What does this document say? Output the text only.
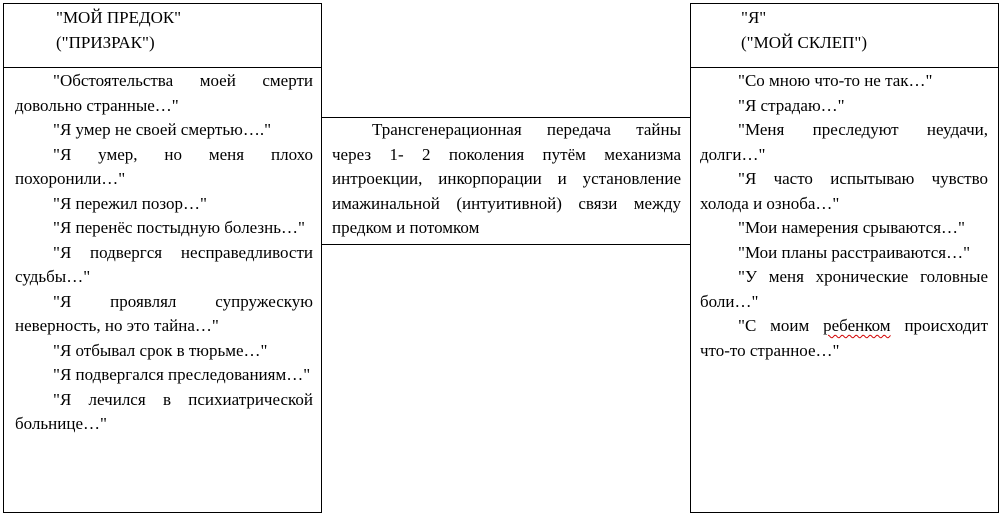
"МОЙ ПРЕДОК"
("ПРИЗРАК")
"Обстоятельства моей смерти довольно странные…"
"Я умер не своей смертью…."
"Я умер, но меня плохо похоронили…"
"Я пережил позор…"
"Я перенёс постыдную болезнь…"
"Я подвергся несправедливости судьбы…"
"Я проявлял супружескую неверность, но это тайна…"
"Я отбывал срок в тюрьме…"
"Я подвергался преследованиям…"
"Я лечился в психиатрической больнице…"
Трансгенерационная передача тайны через 1- 2 поколения путём механизма интроекции, инкорпорации и установление имажинальной (интуитивной) связи между предком и потомком
"Я"
("МОЙ СКЛЕП")
"Со мною что-то не так…"
"Я страдаю…"
"Меня преследуют неудачи, долги…"
"Я часто испытываю чувство холода и озноба…"
"Мои намерения срываются…"
"Мои планы расстраиваются…"
"У меня хронические головные боли…"
"С моим ребенком происходит что-то странное…"
